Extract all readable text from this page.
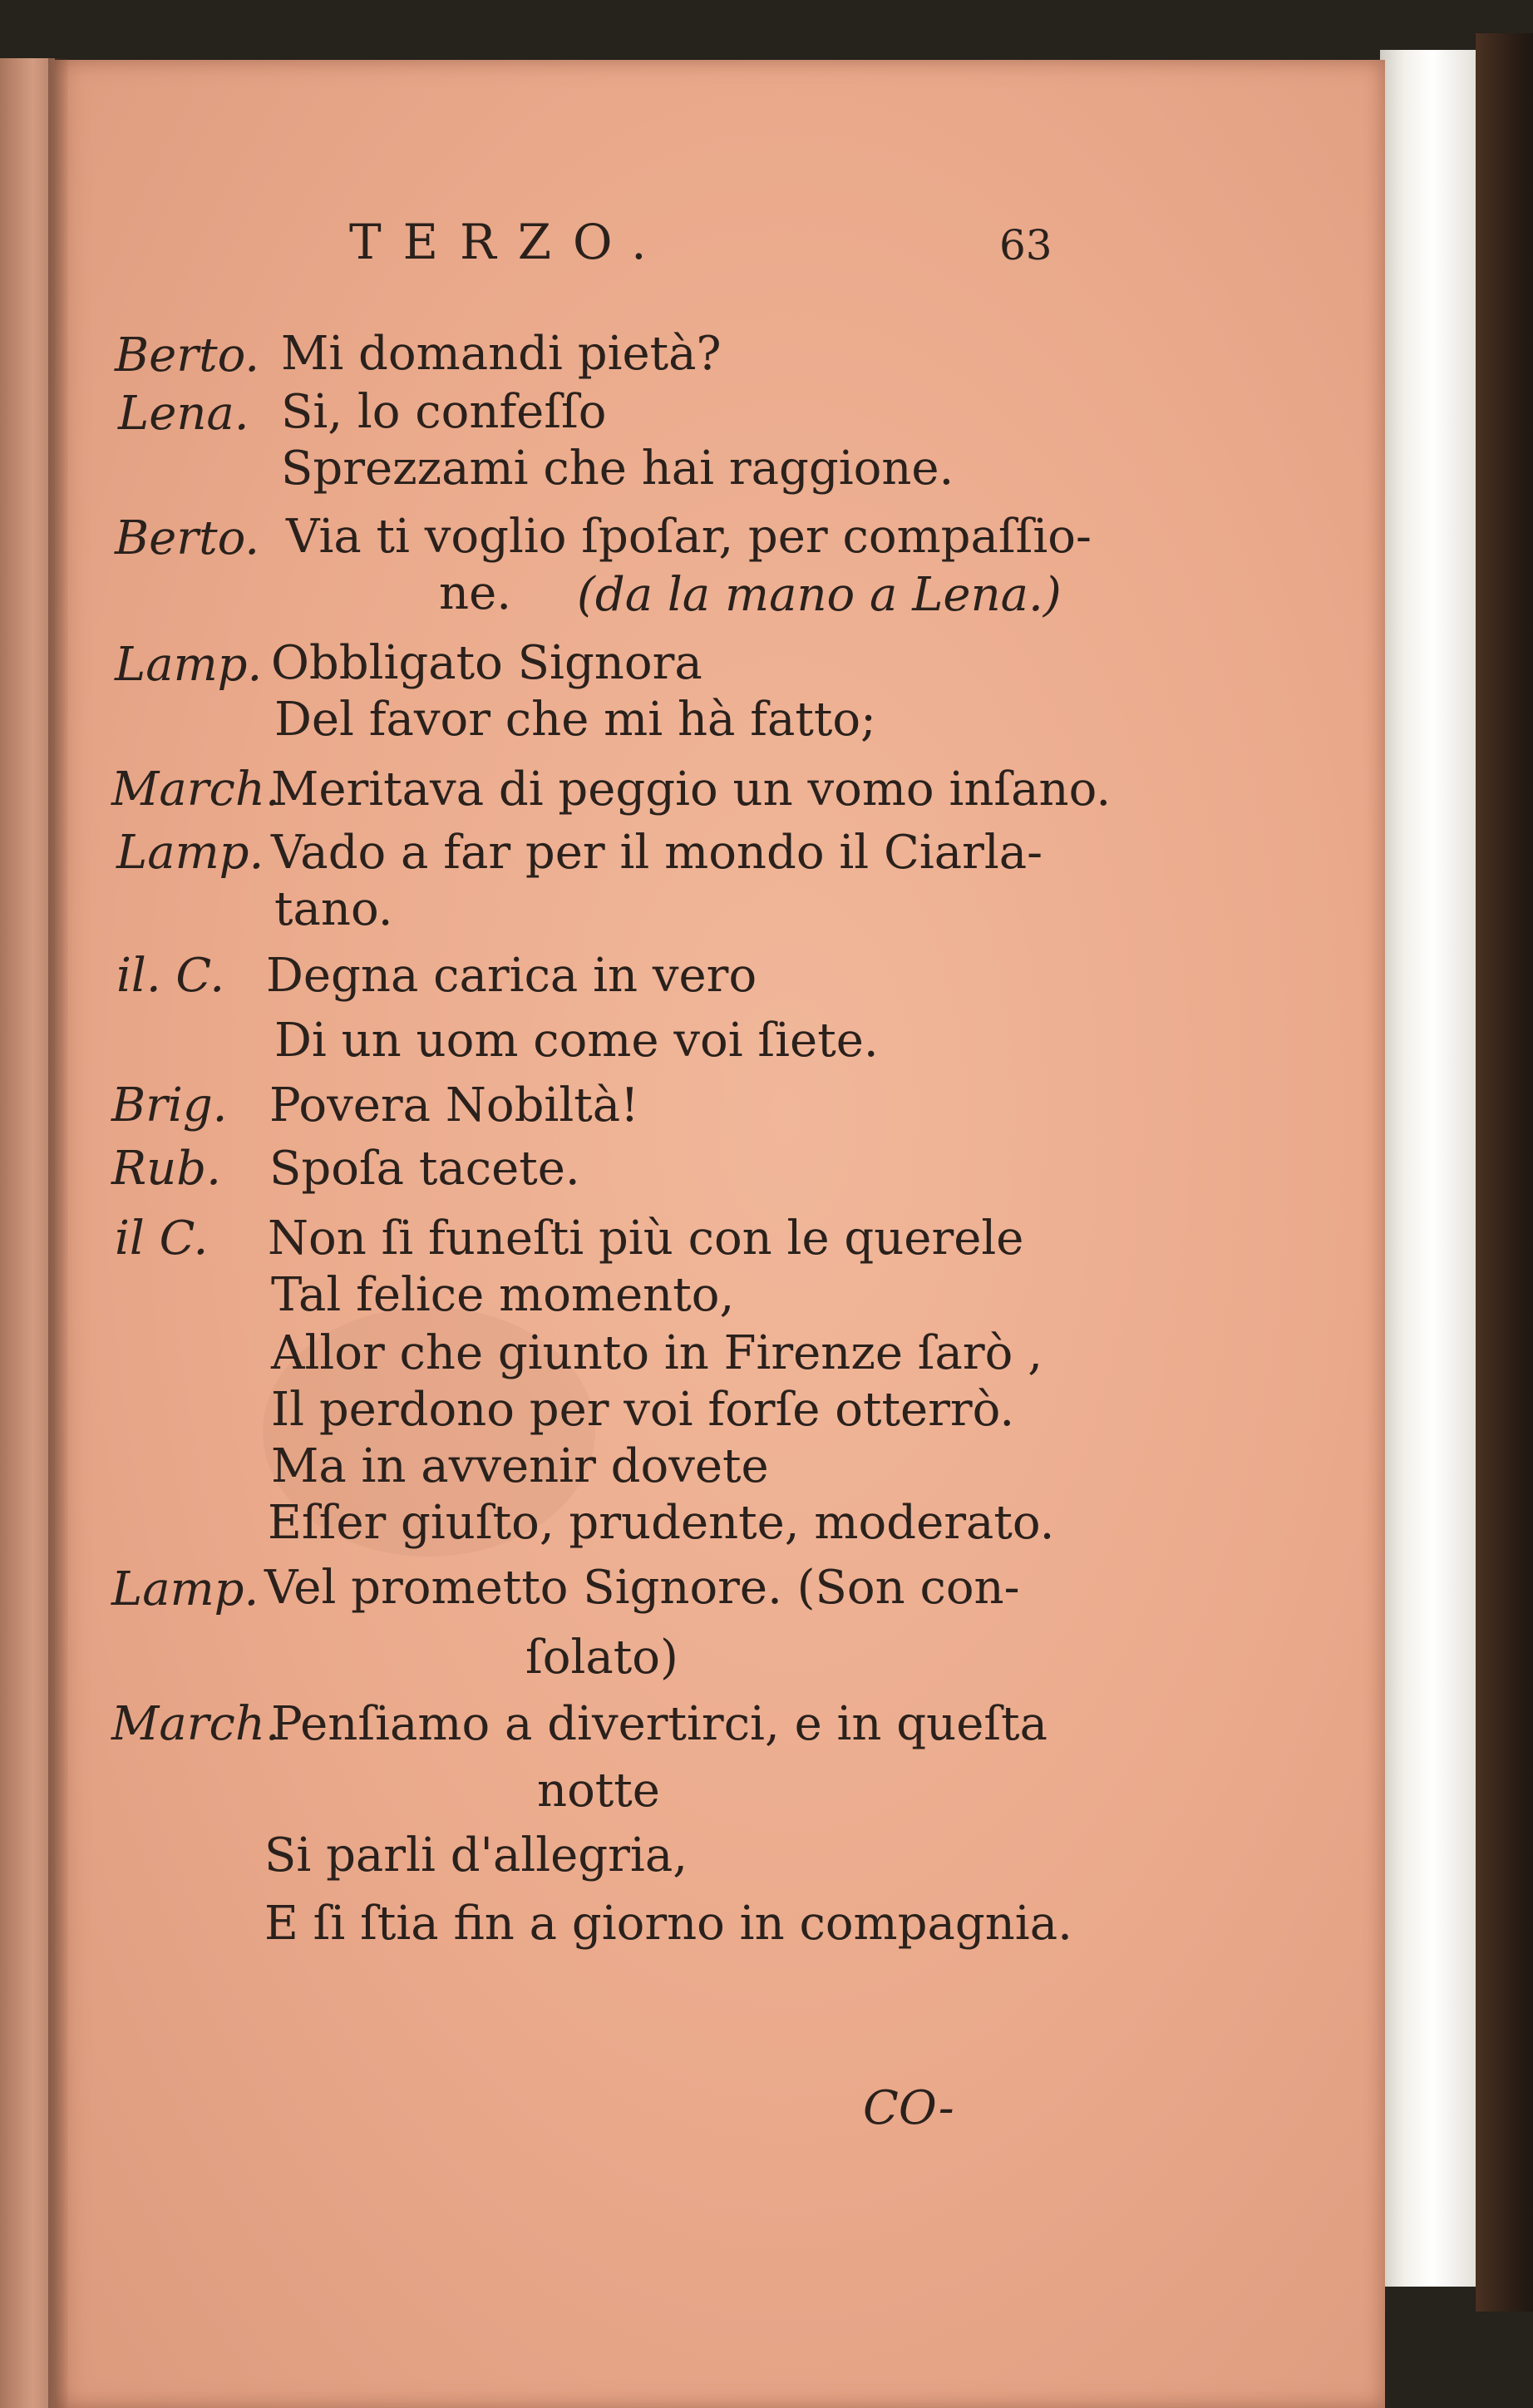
TERZO.	63
Berto. Mi domandi pietà?
Lena. Si, lo confeſſo
Sprezzami che hai raggione.
Berto. Via ti voglio ſpoſar, per compaſſio-
ne. (da la mano a Lena.)
Lamp. Obbligato Signora
Del favor che mi hà fatto;
March.
Meritava di peggio un vomo inſano.
Lamp. Vado a far per il mondo il Ciarla-
tano.
il. C. Degna carica in vero
Di un uom come voi ſiete.
Brig. Povera Nobiltà!
Rub. Spoſa tacete.
il C. Non ſi funeſti più con le querele
Tal felice momento,
Allor che giunto in Firenze ſarò ,
Il perdono per voi forſe otterrò.
Ma in avvenir dovete
Eſſer giuſto, prudente, moderato.
Lamp. Vel prometto Signore. (Son con-
ſolato)
March.
Penſiamo a divertirci, e in queſta
notte
Si parli d'allegria,
E ſi ſtia fin a giorno in compagnia.
CO-
